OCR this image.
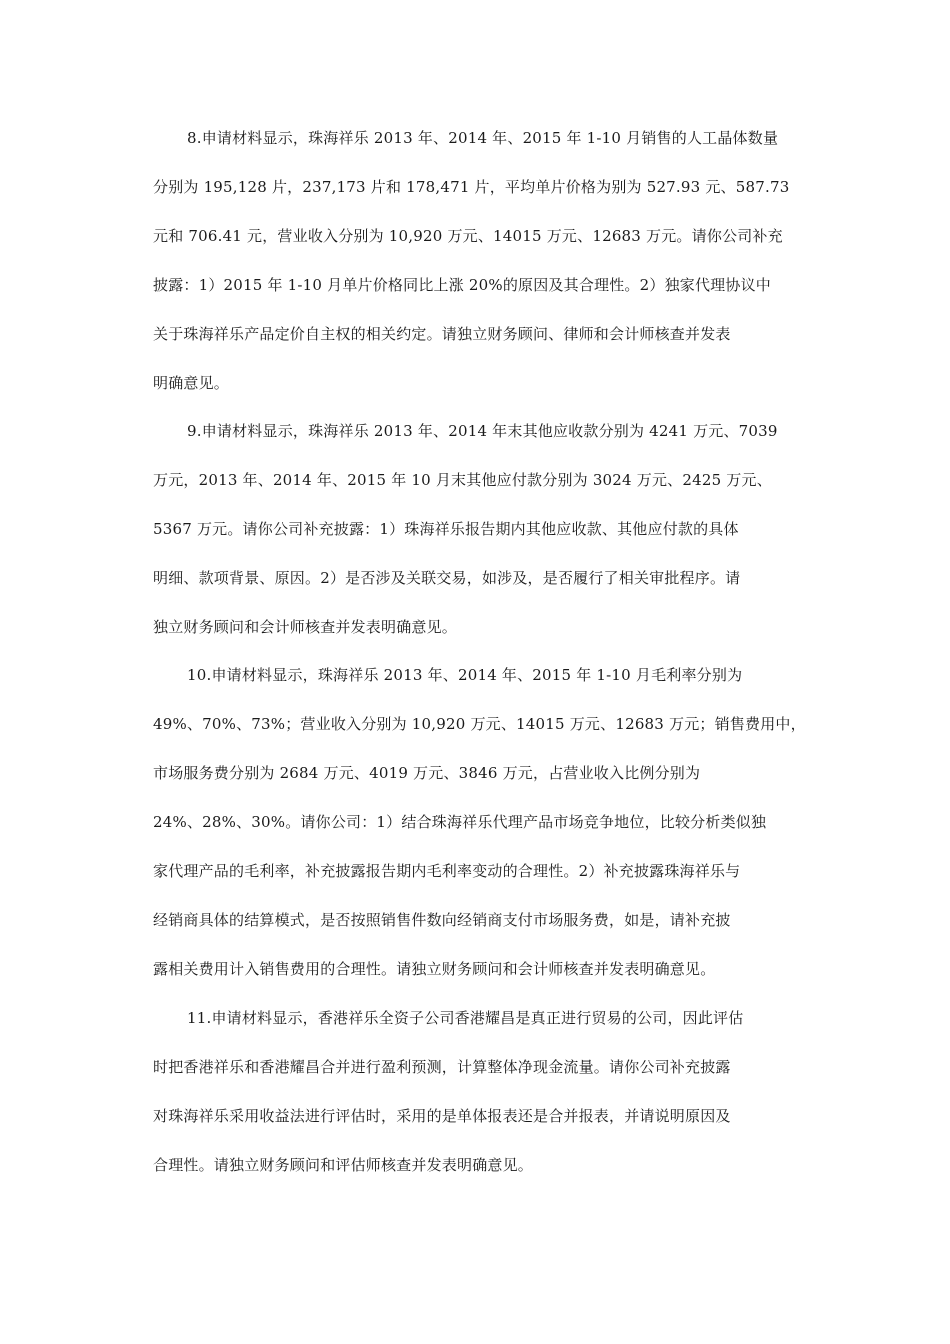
8.申请材料显示，珠海祥乐 2013 年、2014 年、2015 年 1-10 月销售的人工晶体数量
分别为 195,128 片，237,173 片和 178,471 片，平均单片价格为别为 527.93 元、587.73
元和 706.41 元，营业收入分别为 10,920 万元、14015 万元、12683 万元。请你公司补充
披露：1）2015 年 1-10 月单片价格同比上涨 20%的原因及其合理性。2）独家代理协议中
关于珠海祥乐产品定价自主权的相关约定。请独立财务顾问、律师和会计师核查并发表
明确意见。
9.申请材料显示，珠海祥乐 2013 年、2014 年末其他应收款分别为 4241 万元、7039
万元，2013 年、2014 年、2015 年 10 月末其他应付款分别为 3024 万元、2425 万元、
5367 万元。请你公司补充披露：1）珠海祥乐报告期内其他应收款、其他应付款的具体
明细、款项背景、原因。2）是否涉及关联交易，如涉及，是否履行了相关审批程序。请
独立财务顾问和会计师核查并发表明确意见。
10.申请材料显示，珠海祥乐 2013 年、2014 年、2015 年 1-10 月毛利率分别为
49%、70%、73%；营业收入分别为 10,920 万元、14015 万元、12683 万元；销售费用中，
市场服务费分别为 2684 万元、4019 万元、3846 万元，占营业收入比例分别为
24%、28%、30%。请你公司：1）结合珠海祥乐代理产品市场竞争地位，比较分析类似独
家代理产品的毛利率，补充披露报告期内毛利率变动的合理性。2）补充披露珠海祥乐与
经销商具体的结算模式，是否按照销售件数向经销商支付市场服务费，如是，请补充披
露相关费用计入销售费用的合理性。请独立财务顾问和会计师核查并发表明确意见。
11.申请材料显示，香港祥乐全资子公司香港耀昌是真正进行贸易的公司，因此评估
时把香港祥乐和香港耀昌合并进行盈利预测，计算整体净现金流量。请你公司补充披露
对珠海祥乐采用收益法进行评估时，采用的是单体报表还是合并报表，并请说明原因及
合理性。请独立财务顾问和评估师核查并发表明确意见。
